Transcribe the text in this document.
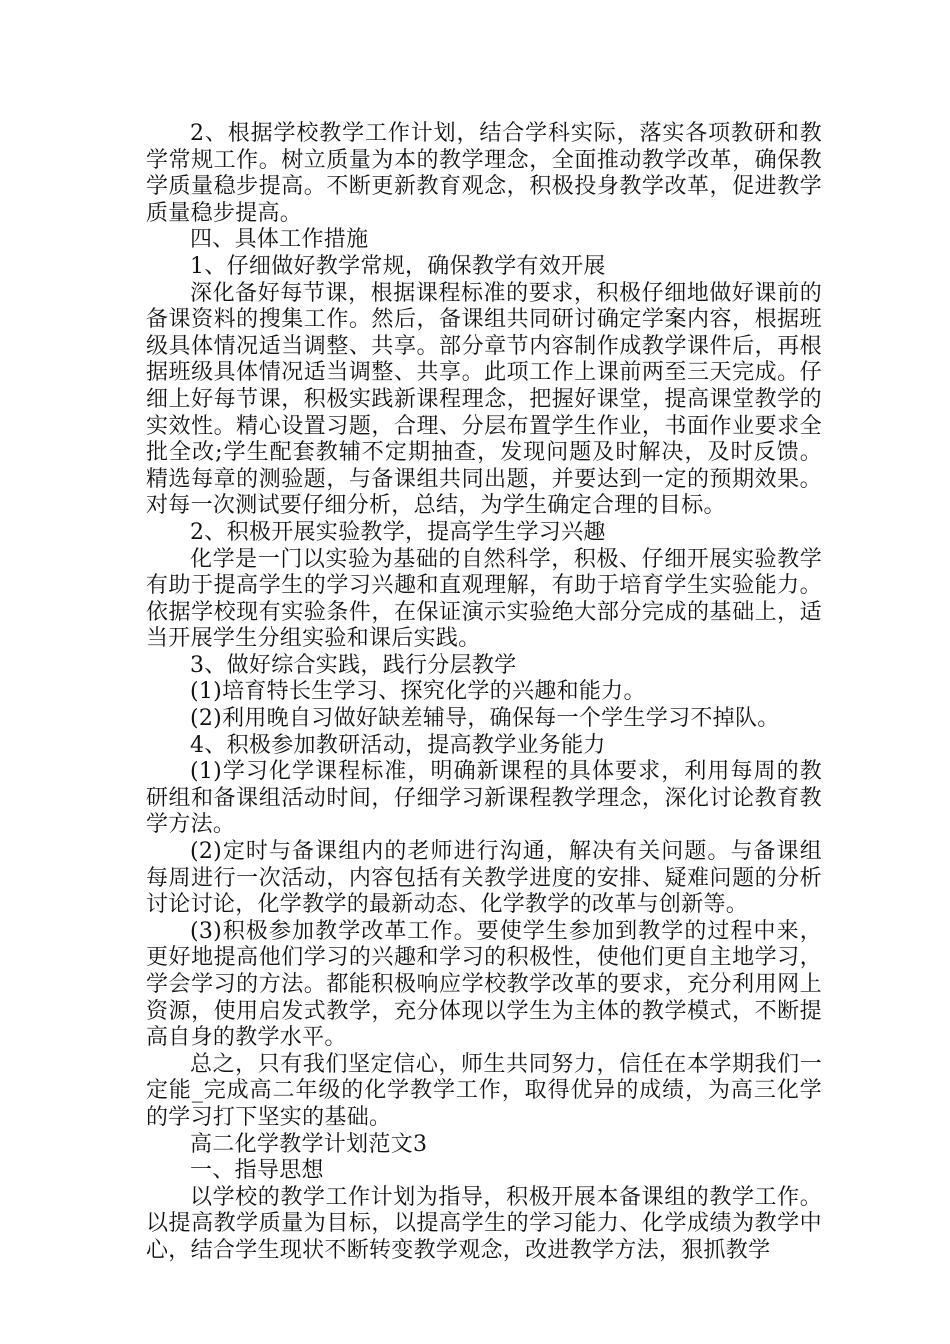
2、根据学校教学工作计划，结合学科实际，落实各项教研和教学常规工作。树立质量为本的教学理念，全面推动教学改革，确保教学质量稳步提高。不断更新教育观念，积极投身教学改革，促进教学质量稳步提高。

四、具体工作措施

1、仔细做好教学常规，确保教学有效开展

深化备好每节课，根据课程标准的要求，积极仔细地做好课前的备课资料的搜集工作。然后，备课组共同研讨确定学案内容，根据班级具体情况适当调整、共享。部分章节内容制作成教学课件后，再根据班级具体情况适当调整、共享。此项工作上课前两至三天完成。仔细上好每节课，积极实践新课程理念，把握好课堂，提高课堂教学的实效性。精心设置习题，合理、分层布置学生作业，书面作业要求全批全改;学生配套教辅不定期抽查，发现问题及时解决，及时反馈。精选每章的测验题，与备课组共同出题，并要达到一定的预期效果。对每一次测试要仔细分析，总结，为学生确定合理的目标。

2、积极开展实验教学，提高学生学习兴趣

化学是一门以实验为基础的自然科学，积极、仔细开展实验教学有助于提高学生的学习兴趣和直观理解，有助于培育学生实验能力。依据学校现有实验条件，在保证演示实验绝大部分完成的基础上，适当开展学生分组实验和课后实践。

3、做好综合实践，践行分层教学

(1)培育特长生学习、探究化学的兴趣和能力。

(2)利用晚自习做好缺差辅导，确保每一个学生学习不掉队。

4、积极参加教研活动，提高教学业务能力

(1)学习化学课程标准，明确新课程的具体要求，利用每周的教研组和备课组活动时间，仔细学习新课程教学理念，深化讨论教育教学方法。

(2)定时与备课组内的老师进行沟通，解决有关问题。与备课组每周进行一次活动，内容包括有关教学进度的安排、疑难问题的分析讨论讨论，化学教学的最新动态、化学教学的改革与创新等。

(3)积极参加教学改革工作。要使学生参加到教学的过程中来，更好地提高他们学习的兴趣和学习的积极性，使他们更自主地学习，学会学习的方法。都能积极响应学校教学改革的要求，充分利用网上资源，使用启发式教学，充分体现以学生为主体的教学模式，不断提高自身的教学水平。

总之，只有我们坚定信心，师生共同努力，信任在本学期我们一定能_完成高二年级的化学教学工作，取得优异的成绩，为高三化学的学习打下坚实的基础。

高二化学教学计划范文3

一、指导思想

以学校的教学工作计划为指导，积极开展本备课组的教学工作。以提高教学质量为目标，以提高学生的学习能力、化学成绩为教学中心，结合学生现状不断转变教学观念，改进教学方法，狠抓教学
